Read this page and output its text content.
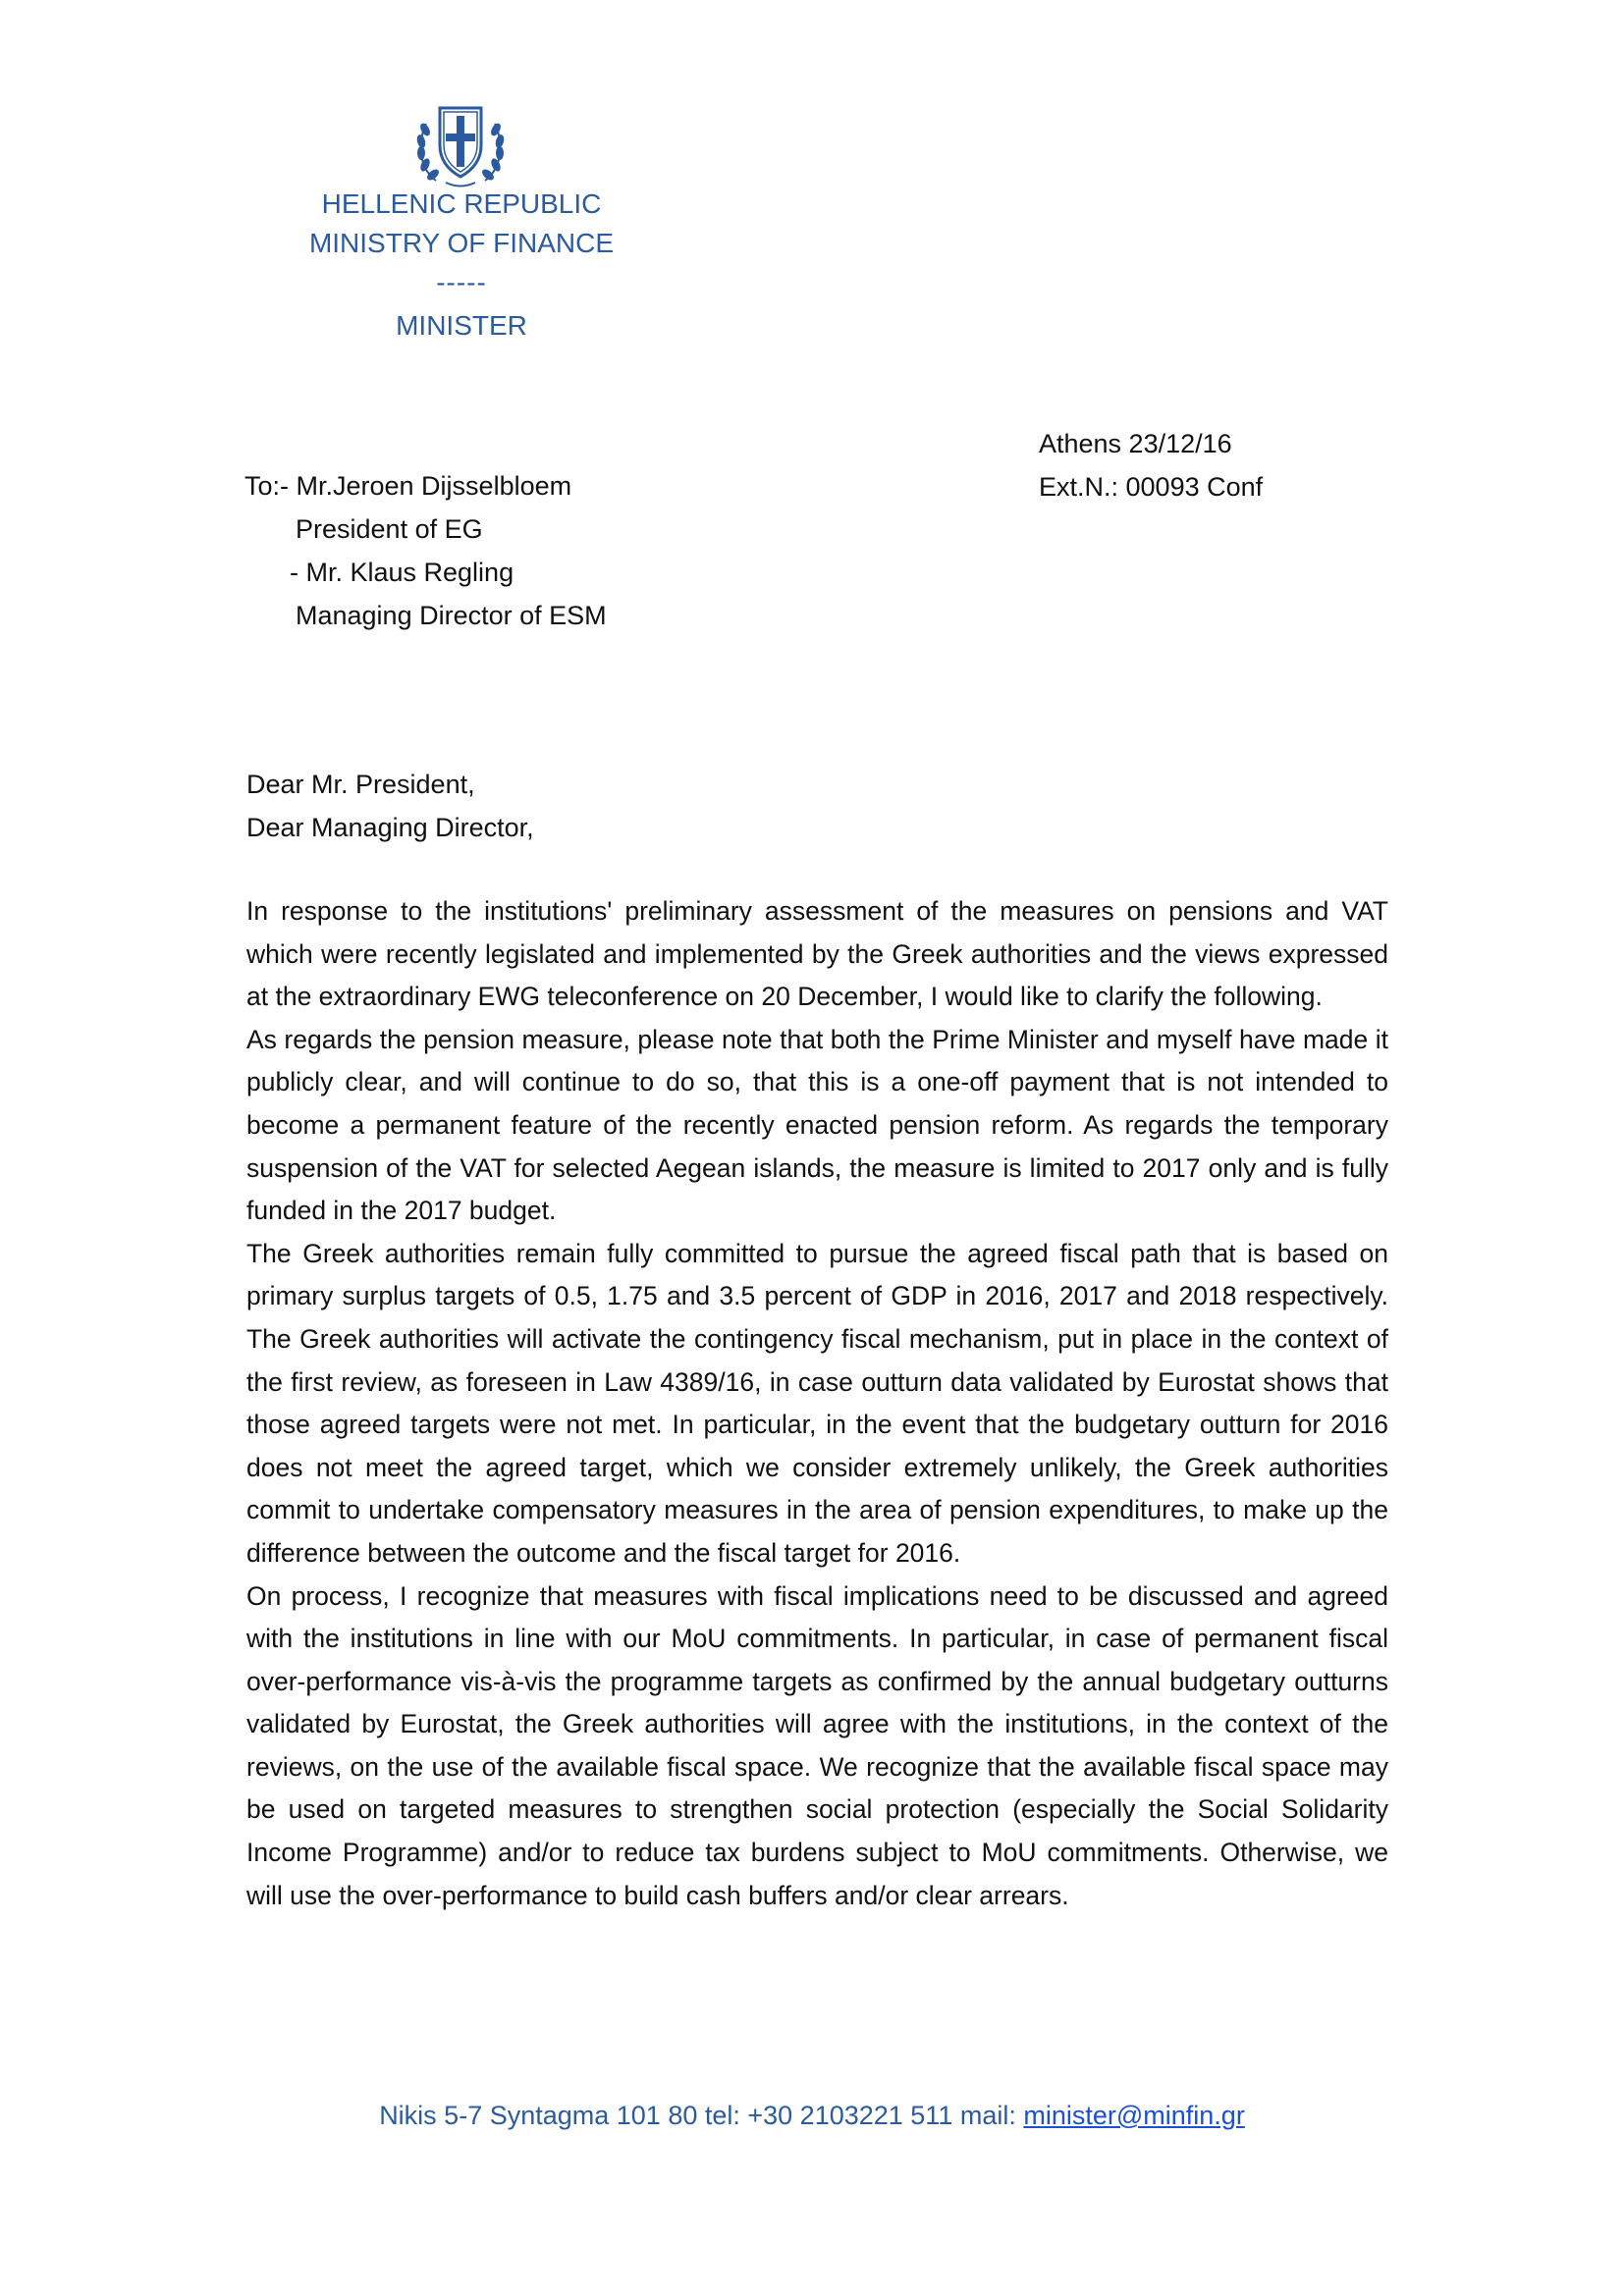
HELLENIC REPUBLIC
MINISTRY OF FINANCE
-----
MINISTER
Athens 23/12/16
Ext.N.: 00093 Conf
To:- Mr.Jeroen Dijsselbloem
President of EG
- Mr. Klaus Regling
Managing Director of ESM
Dear Mr. President,
Dear Managing Director,

In response to the institutions' preliminary assessment of the measures on pensions and VAT which were recently legislated and implemented by the Greek authorities and the views expressed at the extraordinary EWG teleconference on 20 December, I would like to clarify the following.

As regards the pension measure, please note that both the Prime Minister and myself have made it publicly clear, and will continue to do so, that this is a one-off payment that is not intended to become a permanent feature of the recently enacted pension reform. As regards the temporary suspension of the VAT for selected Aegean islands, the measure is limited to 2017 only and is fully funded in the 2017 budget.

The Greek authorities remain fully committed to pursue the agreed fiscal path that is based on primary surplus targets of 0.5, 1.75 and 3.5 percent of GDP in 2016, 2017 and 2018 respectively. The Greek authorities will activate the contingency fiscal mechanism, put in place in the context of the first review, as foreseen in Law 4389/16, in case outturn data validated by Eurostat shows that those agreed targets were not met. In particular, in the event that the budgetary outturn for 2016 does not meet the agreed target, which we consider extremely unlikely, the Greek authorities commit to undertake compensatory measures in the area of pension expenditures, to make up the difference between the outcome and the fiscal target for 2016.

On process, I recognize that measures with fiscal implications need to be discussed and agreed with the institutions in line with our MoU commitments. In particular, in case of permanent fiscal over-performance vis-à-vis the programme targets as confirmed by the annual budgetary outturns validated by Eurostat, the Greek authorities will agree with the institutions, in the context of the reviews, on the use of the available fiscal space. We recognize that the available fiscal space may be used on targeted measures to strengthen social protection (especially the Social Solidarity Income Programme) and/or to reduce tax burdens subject to MoU commitments. Otherwise, we will use the over-performance to build cash buffers and/or clear arrears.

Nikis 5-7 Syntagma 101 80 tel: +30 2103221 511 mail: minister@minfin.gr
